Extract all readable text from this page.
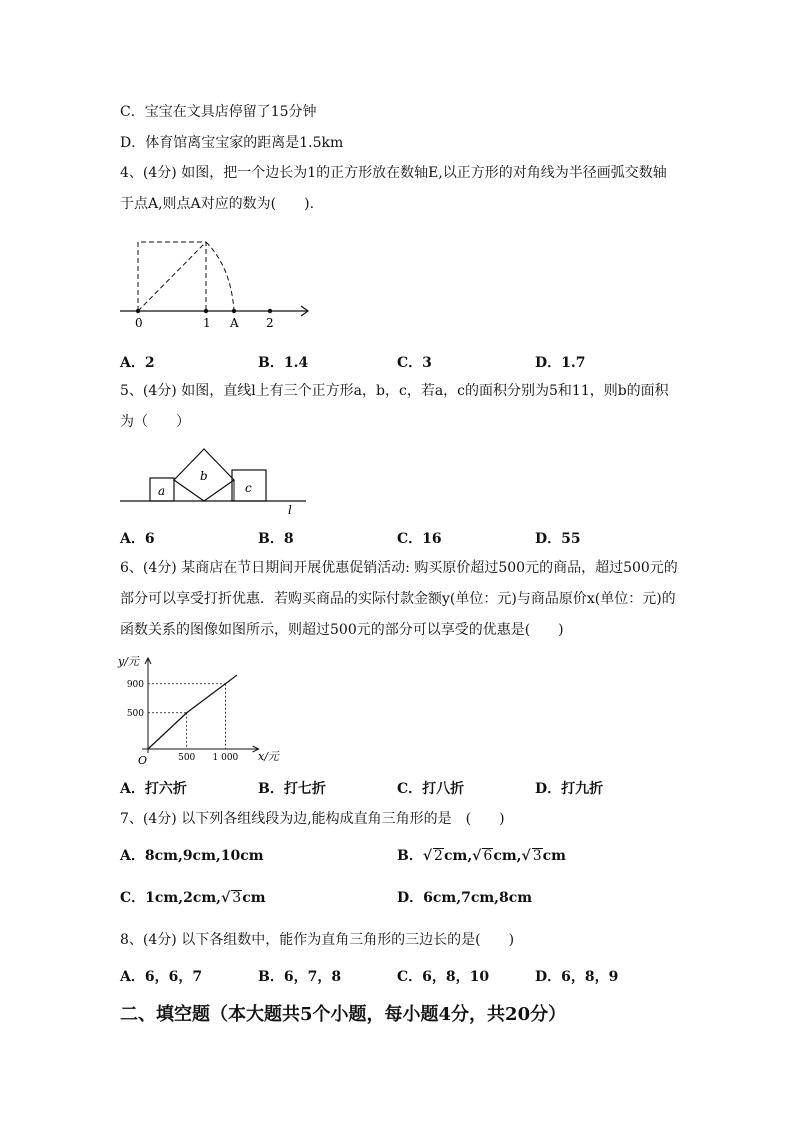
C．宝宝在文具店停留了15分钟
D．体育馆离宝宝家的距离是1.5km
4、(4分) 如图，把一个边长为1的正方形放在数轴E,以正方形的对角线为半径画弧交数轴于点A,则点A对应的数为(　　).
0	1 A 2
A．2	B．1.4	C．3	D．1.7
5、(4分) 如图，直线l上有三个正方形a，b，c，若a，c的面积分别为5和11，则b的面积为（　　）
a
b
c
l
A．6	B．8	C．16	D．55
6、(4分) 某商店在节日期间开展优惠促销活动: 购买原价超过500元的商品，超过500元的部分可以享受打折优惠．若购买商品的实际付款金额y(单位：元)与商品原价x(单位：元)的函数关系的图像如图所示，则超过500元的部分可以享受的优惠是(　　)
y/元
x/元
O	500 1 000
500
900
A．打六折	B．打七折	C．打八折	D．打九折
7、(4分) 以下列各组线段为边,能构成直角三角形的是　(　　)
A．8cm,9cm,10cm	B．√ 2cm,√ 6cm,√ 3cm
C．1cm,2cm,√ 3cm	D．6cm,7cm,8cm
8、(4分) 以下各组数中，能作为直角三角形的三边长的是(　　)
A．6，6，7	B．6，7，8	C．6，8，10	D．6，8，9
二、填空题（本大题共5个小题，每小题4分，共20分）
